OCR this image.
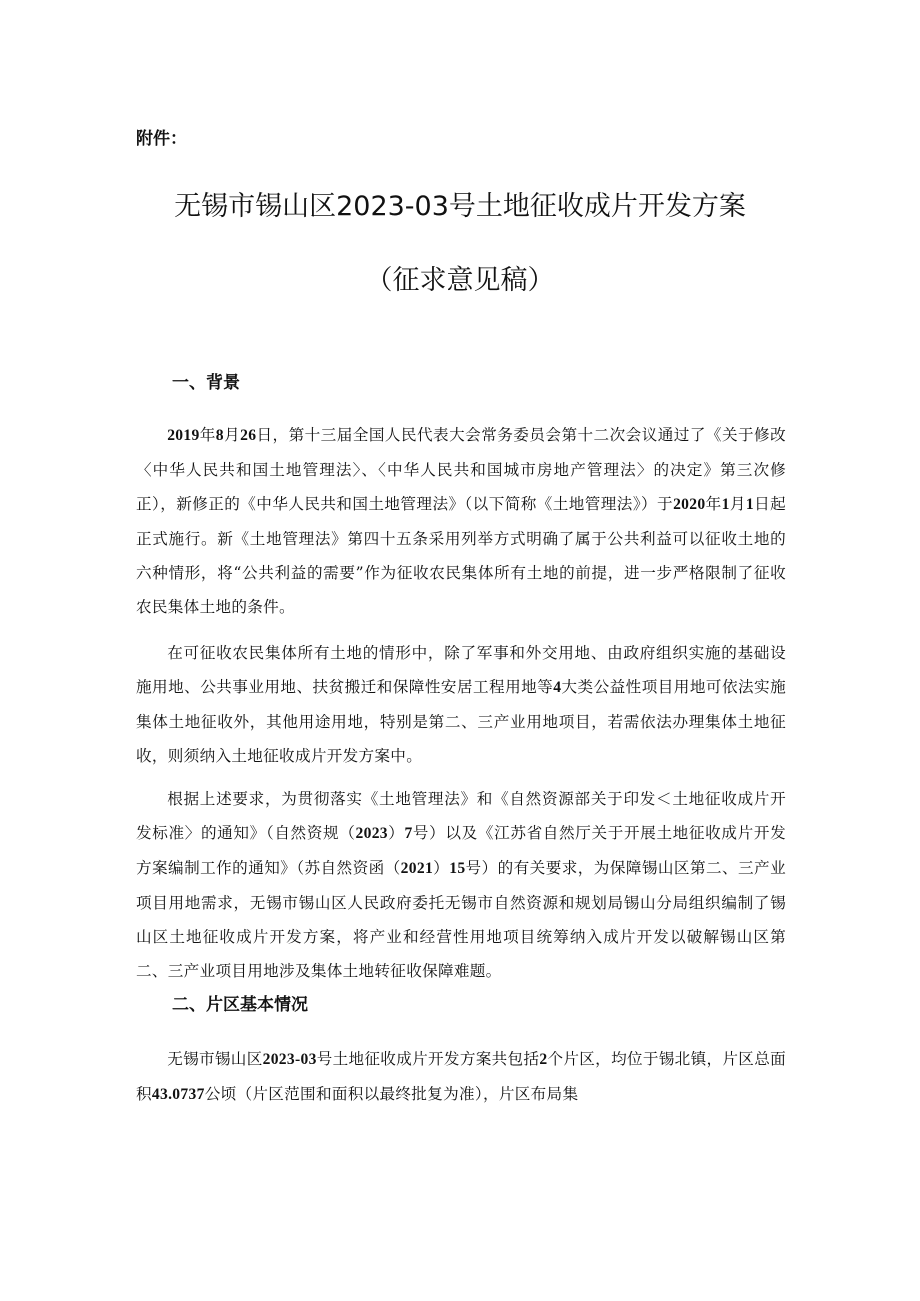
附件：
无锡市锡山区2023-03号土地征收成片开发方案
（征求意见稿）
一、背景

2019年8月26日，第十三届全国人民代表大会常务委员会第十二次会议通过了《关于修改〈中华人民共和国土地管理法〉、〈中华人民共和国城市房地产管理法〉的决定》第三次修正），新修正的《中华人民共和国土地管理法》（以下简称《土地管理法》）于2020年1月1日起正式施行。新《土地管理法》第四十五条采用列举方式明确了属于公共利益可以征收土地的六种情形，将“公共利益的需要”作为征收农民集体所有土地的前提，进一步严格限制了征收农民集体土地的条件。

在可征收农民集体所有土地的情形中，除了军事和外交用地、由政府组织实施的基础设施用地、公共事业用地、扶贫搬迁和保障性安居工程用地等4大类公益性项目用地可依法实施集体土地征收外，其他用途用地，特别是第二、三产业用地项目，若需依法办理集体土地征收，则须纳入土地征收成片开发方案中。

根据上述要求，为贯彻落实《土地管理法》和《自然资源部关于印发＜土地征收成片开发标准〉的通知》（自然资规（2023）7号）以及《江苏省自然厅关于开展土地征收成片开发方案编制工作的通知》（苏自然资函（2021）15号）的有关要求，为保障锡山区第二、三产业项目用地需求，无锡市锡山区人民政府委托无锡市自然资源和规划局锡山分局组织编制了锡山区土地征收成片开发方案，将产业和经营性用地项目统筹纳入成片开发以破解锡山区第二、三产业项目用地涉及集体土地转征收保障难题。

二、片区基本情况

无锡市锡山区2023-03号土地征收成片开发方案共包括2个片区，均位于锡北镇，片区总面积43.0737公顷（片区范围和面积以最终批复为准），片区布局集
